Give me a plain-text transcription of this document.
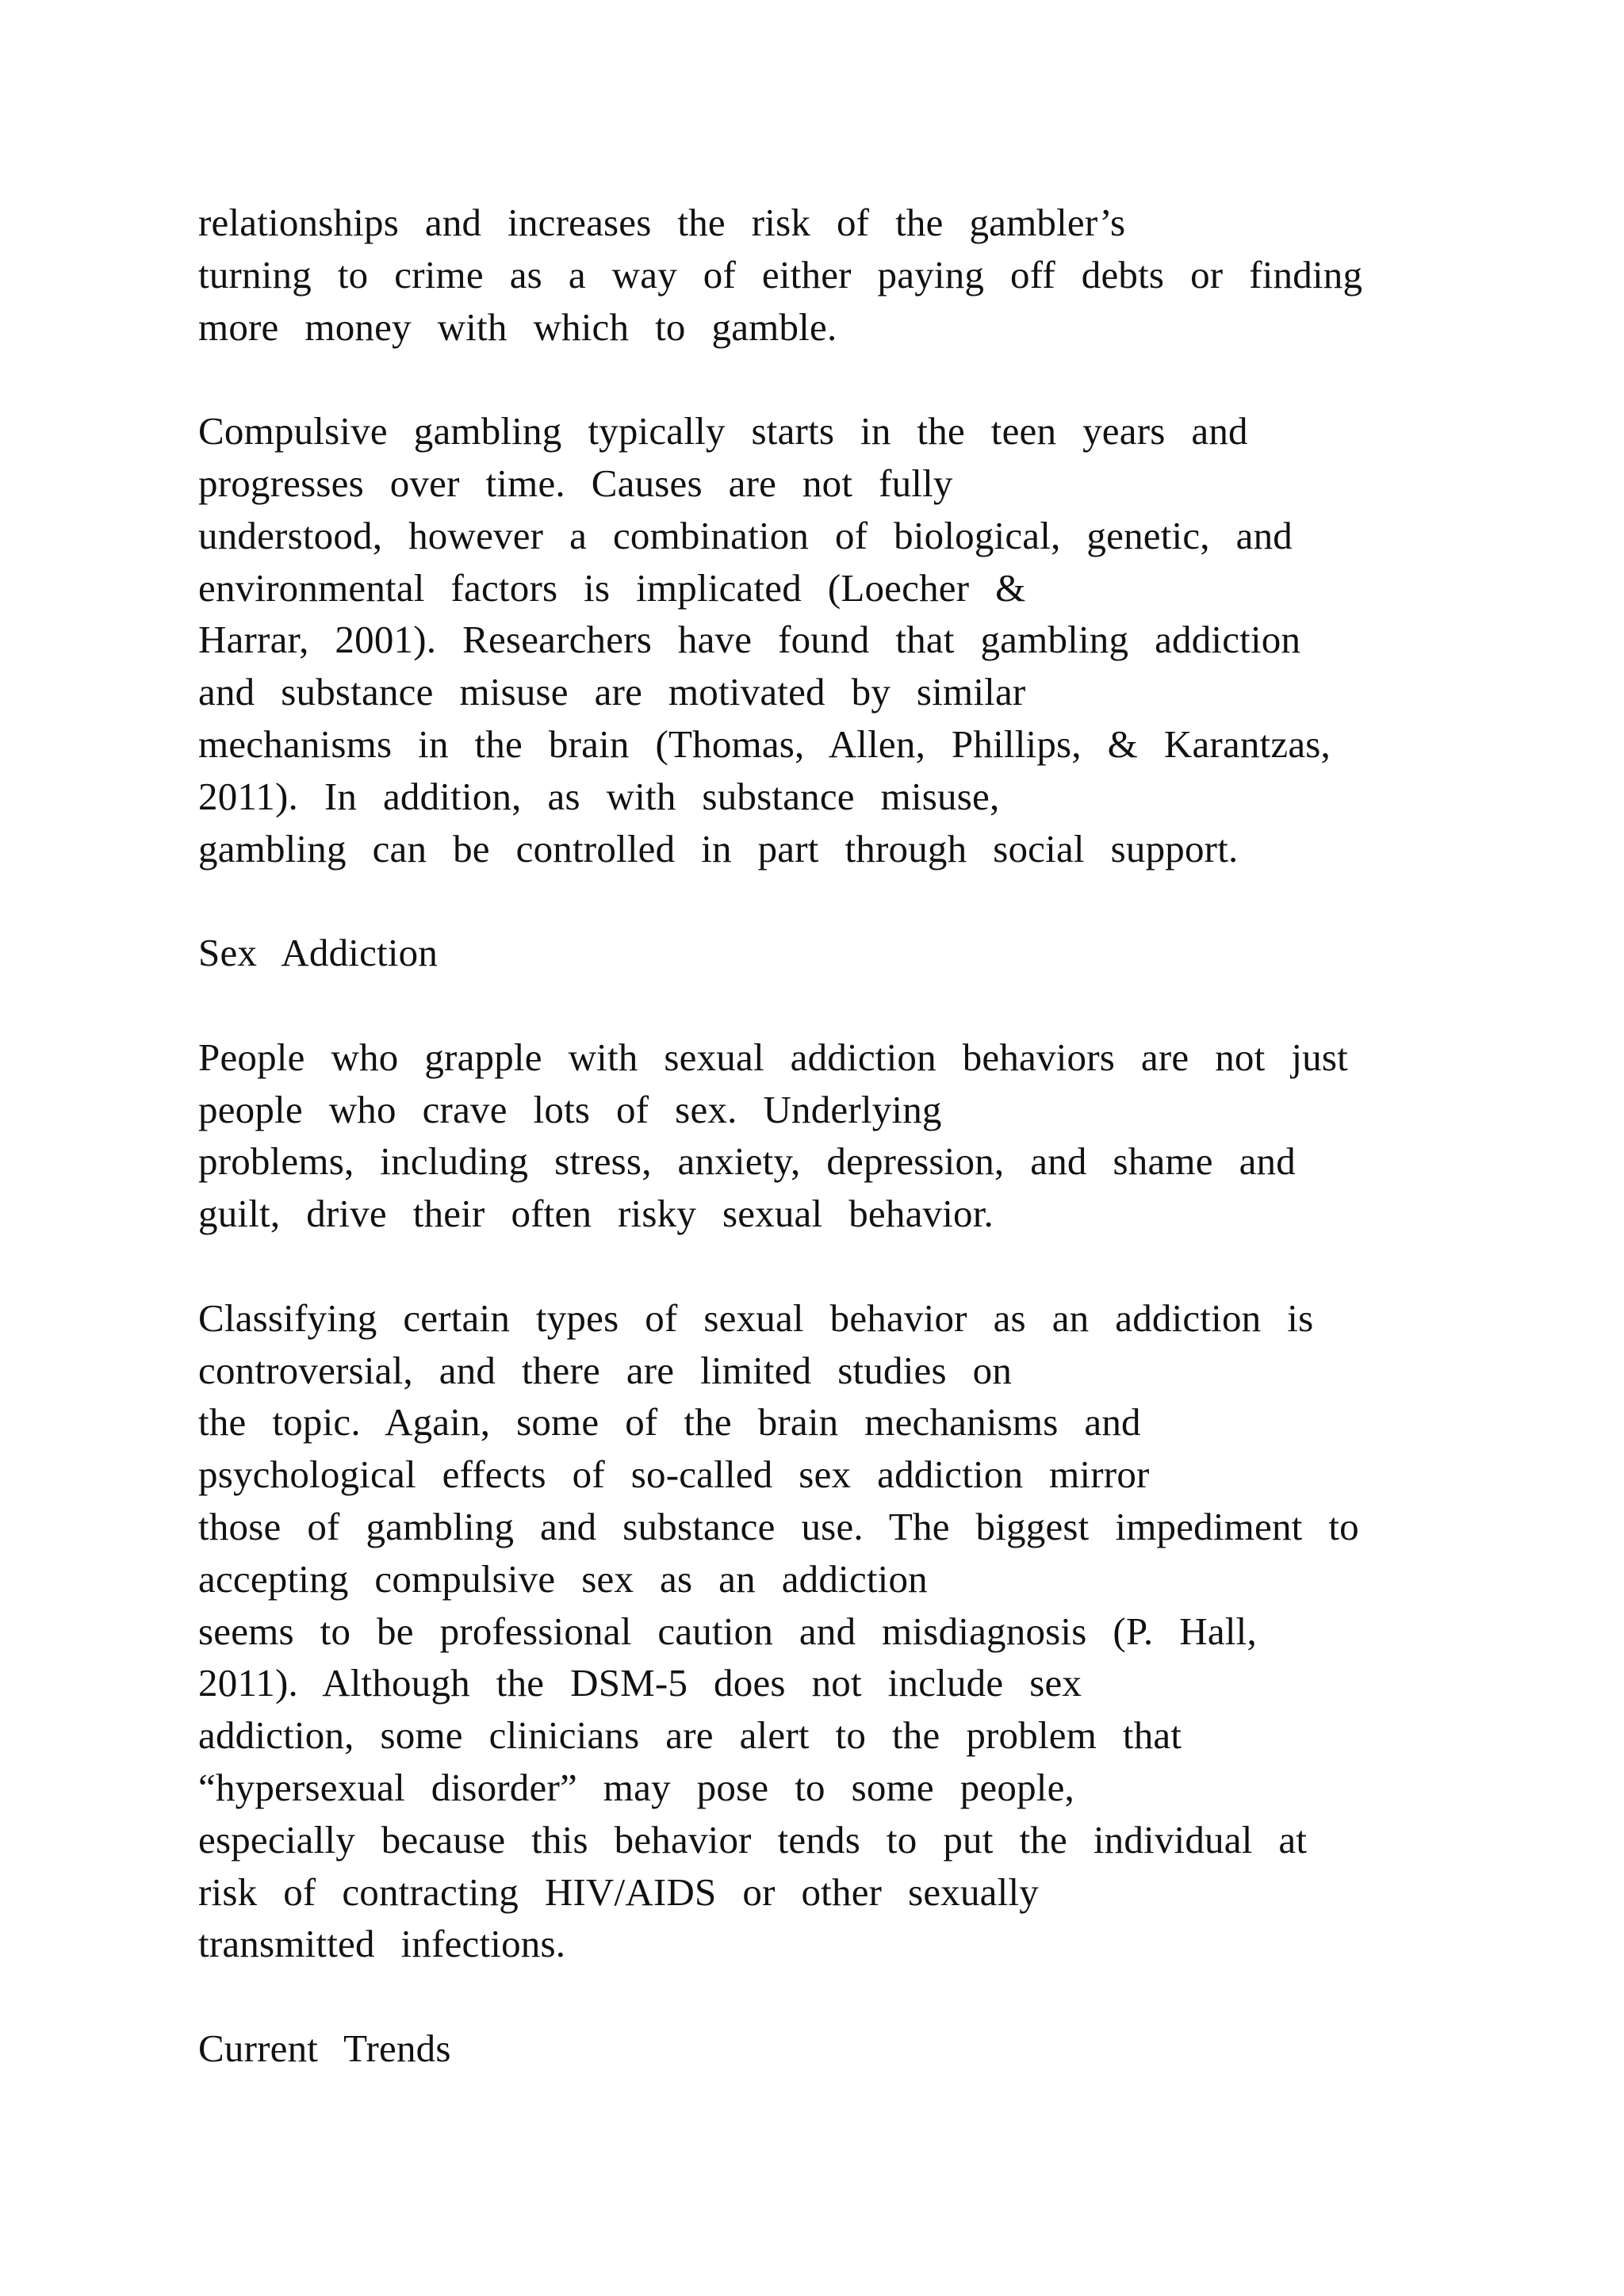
relationships  and  increases  the  risk  of  the  gambler’s
turning  to  crime  as  a  way  of  either  paying  off  debts  or  finding
more  money  with  which  to  gamble.
Compulsive  gambling  typically  starts  in  the  teen  years  and
progresses  over  time.  Causes  are  not  fully
understood,  however  a  combination  of  biological,  genetic,  and
environmental  factors  is  implicated  (Loecher  &
Harrar,  2001).  Researchers  have  found  that  gambling  addiction
and  substance  misuse  are  motivated  by  similar
mechanisms  in  the  brain  (Thomas,  Allen,  Phillips,  &  Karantzas,
2011).  In  addition,  as  with  substance  misuse,
gambling  can  be  controlled  in  part  through  social  support.
Sex  Addiction
People  who  grapple  with  sexual  addiction  behaviors  are  not  just
people  who  crave  lots  of  sex.  Underlying
problems,  including  stress,  anxiety,  depression,  and  shame  and
guilt,  drive  their  often  risky  sexual  behavior.
Classifying  certain  types  of  sexual  behavior  as  an  addiction  is
controversial,  and  there  are  limited  studies  on
the  topic.  Again,  some  of  the  brain  mechanisms  and
psychological  effects  of  so-called  sex  addiction  mirror
those  of  gambling  and  substance  use.  The  biggest  impediment  to
accepting  compulsive  sex  as  an  addiction
seems  to  be  professional  caution  and  misdiagnosis  (P.  Hall,
2011).  Although  the  DSM-5  does  not  include  sex
addiction,  some  clinicians  are  alert  to  the  problem  that
“hypersexual  disorder”  may  pose  to  some  people,
especially  because  this  behavior  tends  to  put  the  individual  at
risk  of  contracting  HIV/AIDS  or  other  sexually
transmitted  infections.
Current  Trends
